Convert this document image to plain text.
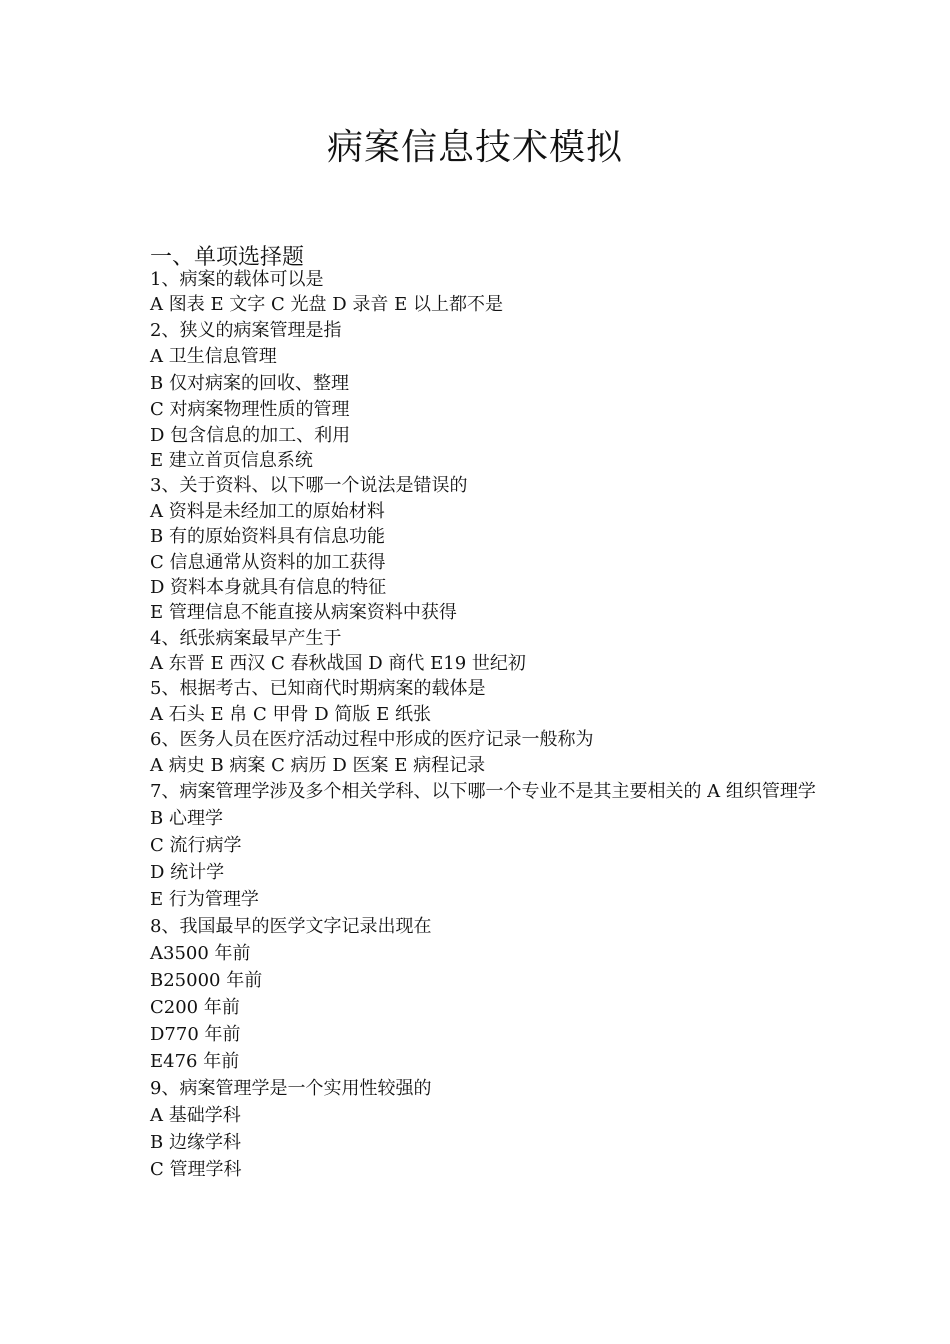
病案信息技术模拟
一、单项选择题
1、病案的载体可以是
A 图表 E 文字 C 光盘 D 录音 E 以上都不是
2、狭义的病案管理是指
A 卫生信息管理
B 仅对病案的回收、整理
C 对病案物理性质的管理
D 包含信息的加工、利用
E 建立首页信息系统
3、关于资料、以下哪一个说法是错误的
A 资料是未经加工的原始材料
B 有的原始资料具有信息功能
C 信息通常从资料的加工获得
D 资料本身就具有信息的特征
E 管理信息不能直接从病案资料中获得
4、纸张病案最早产生于
A 东晋 E 西汉 C 春秋战国 D 商代 E19 世纪初
5、根据考古、已知商代时期病案的载体是
A 石头 E 帛 C 甲骨 D 简版 E 纸张
6、医务人员在医疗活动过程中形成的医疗记录一般称为
A 病史 B 病案 C 病历 D 医案 E 病程记录
7、病案管理学涉及多个相关学科、以下哪一个专业不是其主要相关的 A 组织管理学
B 心理学
C 流行病学
D 统计学
E 行为管理学
8、我国最早的医学文字记录出现在
A3500 年前
B25000 年前
C200 年前
D770 年前
E476 年前
9、病案管理学是一个实用性较强的
A 基础学科
B 边缘学科
C 管理学科
